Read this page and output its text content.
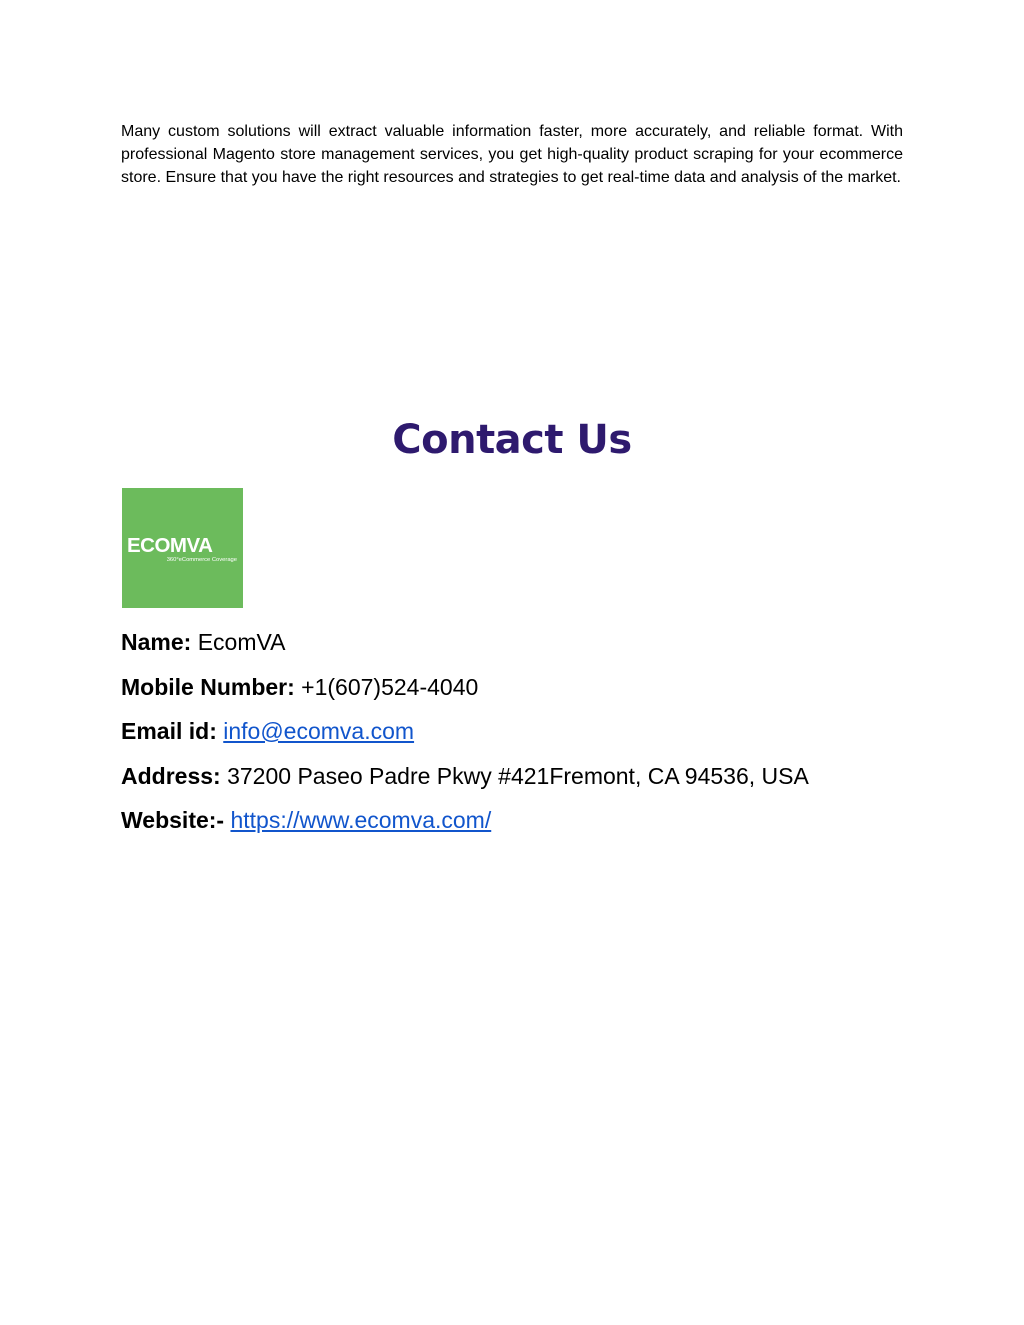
Many custom solutions will extract valuable information faster, more accurately, and reliable format. With professional Magento store management services, you get high-quality product scraping for your ecommerce store. Ensure that you have the right resources and strategies to get real-time data and analysis of the market.

Contact Us
ECOMVA
360°eCommerce Coverage
Name: EcomVA
Mobile Number: +1(607)524-4040
Email id: info@ecomva.com
Address: 37200 Paseo Padre Pkwy #421Fremont, CA 94536, USA
Website:- https://www.ecomva.com/
